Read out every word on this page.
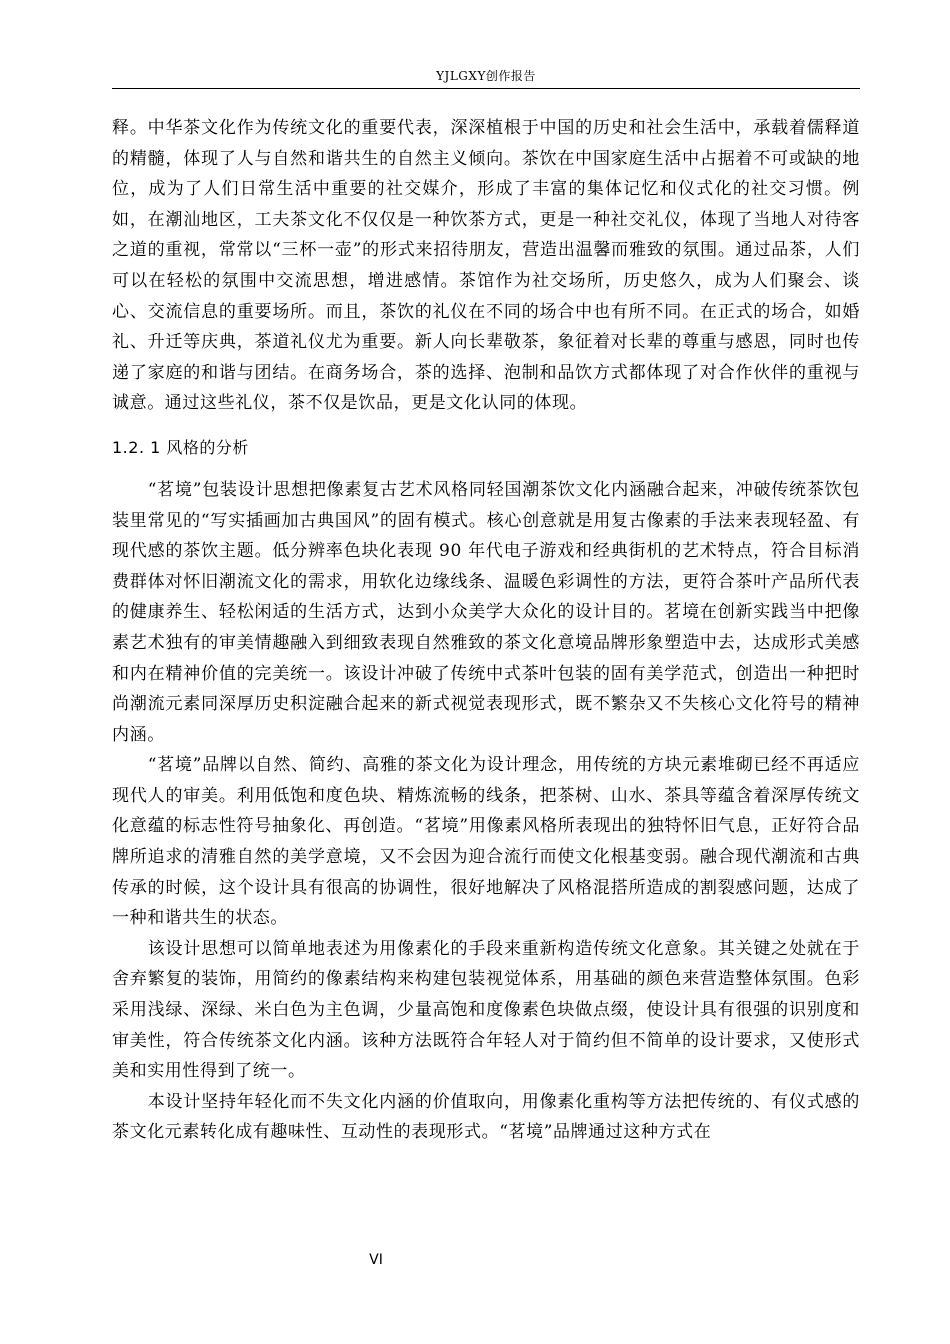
YJLGXY创作报告

释。中华茶文化作为传统文化的重要代表，深深植根于中国的历史和社会生活中，承载着儒释道的精髓，体现了人与自然和谐共生的自然主义倾向。茶饮在中国家庭生活中占据着不可或缺的地位，成为了人们日常生活中重要的社交媒介，形成了丰富的集体记忆和仪式化的社交习惯。例如，在潮汕地区，工夫茶文化不仅仅是一种饮茶方式，更是一种社交礼仪，体现了当地人对待客之道的重视，常常以“三杯一壶”的形式来招待朋友，营造出温馨而雅致的氛围。通过品茶，人们可以在轻松的氛围中交流思想，增进感情。茶馆作为社交场所，历史悠久，成为人们聚会、谈心、交流信息的重要场所。而且，茶饮的礼仪在不同的场合中也有所不同。在正式的场合，如婚礼、升迁等庆典，茶道礼仪尤为重要。新人向长辈敬茶，象征着对长辈的尊重与感恩，同时也传递了家庭的和谐与团结。在商务场合，茶的选择、泡制和品饮方式都体现了对合作伙伴的重视与诚意。通过这些礼仪，茶不仅是饮品，更是文化认同的体现。

1.2. 1 风格的分析

“茗境”包装设计思想把像素复古艺术风格同轻国潮茶饮文化内涵融合起来，冲破传统茶饮包装里常见的“写实插画加古典国风”的固有模式。核心创意就是用复古像素的手法来表现轻盈、有现代感的茶饮主题。低分辨率色块化表现 90 年代电子游戏和经典街机的艺术特点，符合目标消费群体对怀旧潮流文化的需求，用软化边缘线条、温暖色彩调性的方法，更符合茶叶产品所代表的健康养生、轻松闲适的生活方式，达到小众美学大众化的设计目的。茗境在创新实践当中把像素艺术独有的审美情趣融入到细致表现自然雅致的茶文化意境品牌形象塑造中去，达成形式美感和内在精神价值的完美统一。该设计冲破了传统中式茶叶包装的固有美学范式，创造出一种把时尚潮流元素同深厚历史积淀融合起来的新式视觉表现形式，既不繁杂又不失核心文化符号的精神内涵。

“茗境”品牌以自然、简约、高雅的茶文化为设计理念，用传统的方块元素堆砌已经不再适应现代人的审美。利用低饱和度色块、精炼流畅的线条，把茶树、山水、茶具等蕴含着深厚传统文化意蕴的标志性符号抽象化、再创造。“茗境”用像素风格所表现出的独特怀旧气息，正好符合品牌所追求的清雅自然的美学意境，又不会因为迎合流行而使文化根基变弱。融合现代潮流和古典传承的时候，这个设计具有很高的协调性，很好地解决了风格混搭所造成的割裂感问题，达成了一种和谐共生的状态。

该设计思想可以简单地表述为用像素化的手段来重新构造传统文化意象。其关键之处就在于舍弃繁复的装饰，用简约的像素结构来构建包装视觉体系，用基础的颜色来营造整体氛围。色彩采用浅绿、深绿、米白色为主色调，少量高饱和度像素色块做点缀，使设计具有很强的识别度和审美性，符合传统茶文化内涵。该种方法既符合年轻人对于简约但不简单的设计要求，又使形式美和实用性得到了统一。

本设计坚持年轻化而不失文化内涵的价值取向，用像素化重构等方法把传统的、有仪式感的茶文化元素转化成有趣味性、互动性的表现形式。“茗境”品牌通过这种方式在

VI
